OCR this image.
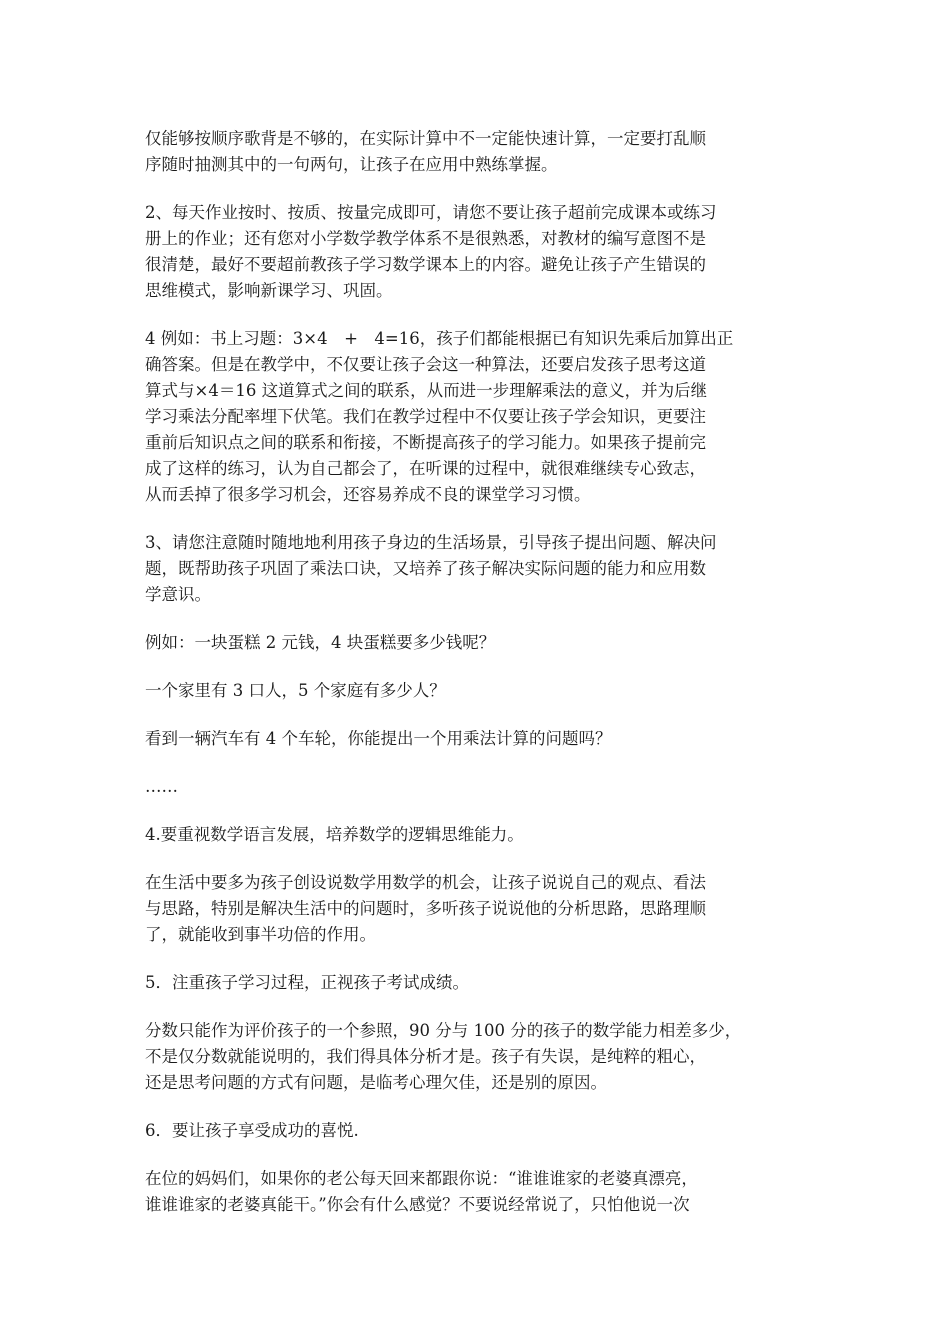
仅能够按顺序歌背是不够的，在实际计算中不一定能快速计算，一定要打乱顺
序随时抽测其中的一句两句，让孩子在应用中熟练掌握。

2、每天作业按时、按质、按量完成即可，请您不要让孩子超前完成课本或练习
册上的作业；还有您对小学数学教学体系不是很熟悉，对教材的编写意图不是
很清楚，最好不要超前教孩子学习数学课本上的内容。避免让孩子产生错误的
思维模式，影响新课学习、巩固。

4 例如：书上习题：3×4　+　4=16，孩子们都能根据已有知识先乘后加算出正
确答案。但是在教学中，不仅要让孩子会这一种算法，还要启发孩子思考这道
算式与×4＝16 这道算式之间的联系，从而进一步理解乘法的意义，并为后继
学习乘法分配率埋下伏笔。我们在教学过程中不仅要让孩子学会知识，更要注
重前后知识点之间的联系和衔接，不断提高孩子的学习能力。如果孩子提前完
成了这样的练习，认为自己都会了，在听课的过程中，就很难继续专心致志，
从而丢掉了很多学习机会，还容易养成不良的课堂学习习惯。

3、请您注意随时随地地利用孩子身边的生活场景，引导孩子提出问题、解决问
题，既帮助孩子巩固了乘法口诀，又培养了孩子解决实际问题的能力和应用数
学意识。

例如：一块蛋糕 2 元钱，4 块蛋糕要多少钱呢？

一个家里有 3 口人，5 个家庭有多少人？

看到一辆汽车有 4 个车轮，你能提出一个用乘法计算的问题吗？

……

4.要重视数学语言发展，培养数学的逻辑思维能力。

在生活中要多为孩子创设说数学用数学的机会，让孩子说说自己的观点、看法
与思路，特别是解决生活中的问题时，多听孩子说说他的分析思路，思路理顺
了，就能收到事半功倍的作用。

5．注重孩子学习过程，正视孩子考试成绩。

分数只能作为评价孩子的一个参照，90 分与 100 分的孩子的数学能力相差多少，
不是仅分数就能说明的，我们得具体分析才是。孩子有失误，是纯粹的粗心，
还是思考问题的方式有问题，是临考心理欠佳，还是别的原因。

6．要让孩子享受成功的喜悦.

在位的妈妈们，如果你的老公每天回来都跟你说：“谁谁谁家的老婆真漂亮，
谁谁谁家的老婆真能干。”你会有什么感觉？不要说经常说了，只怕他说一次
